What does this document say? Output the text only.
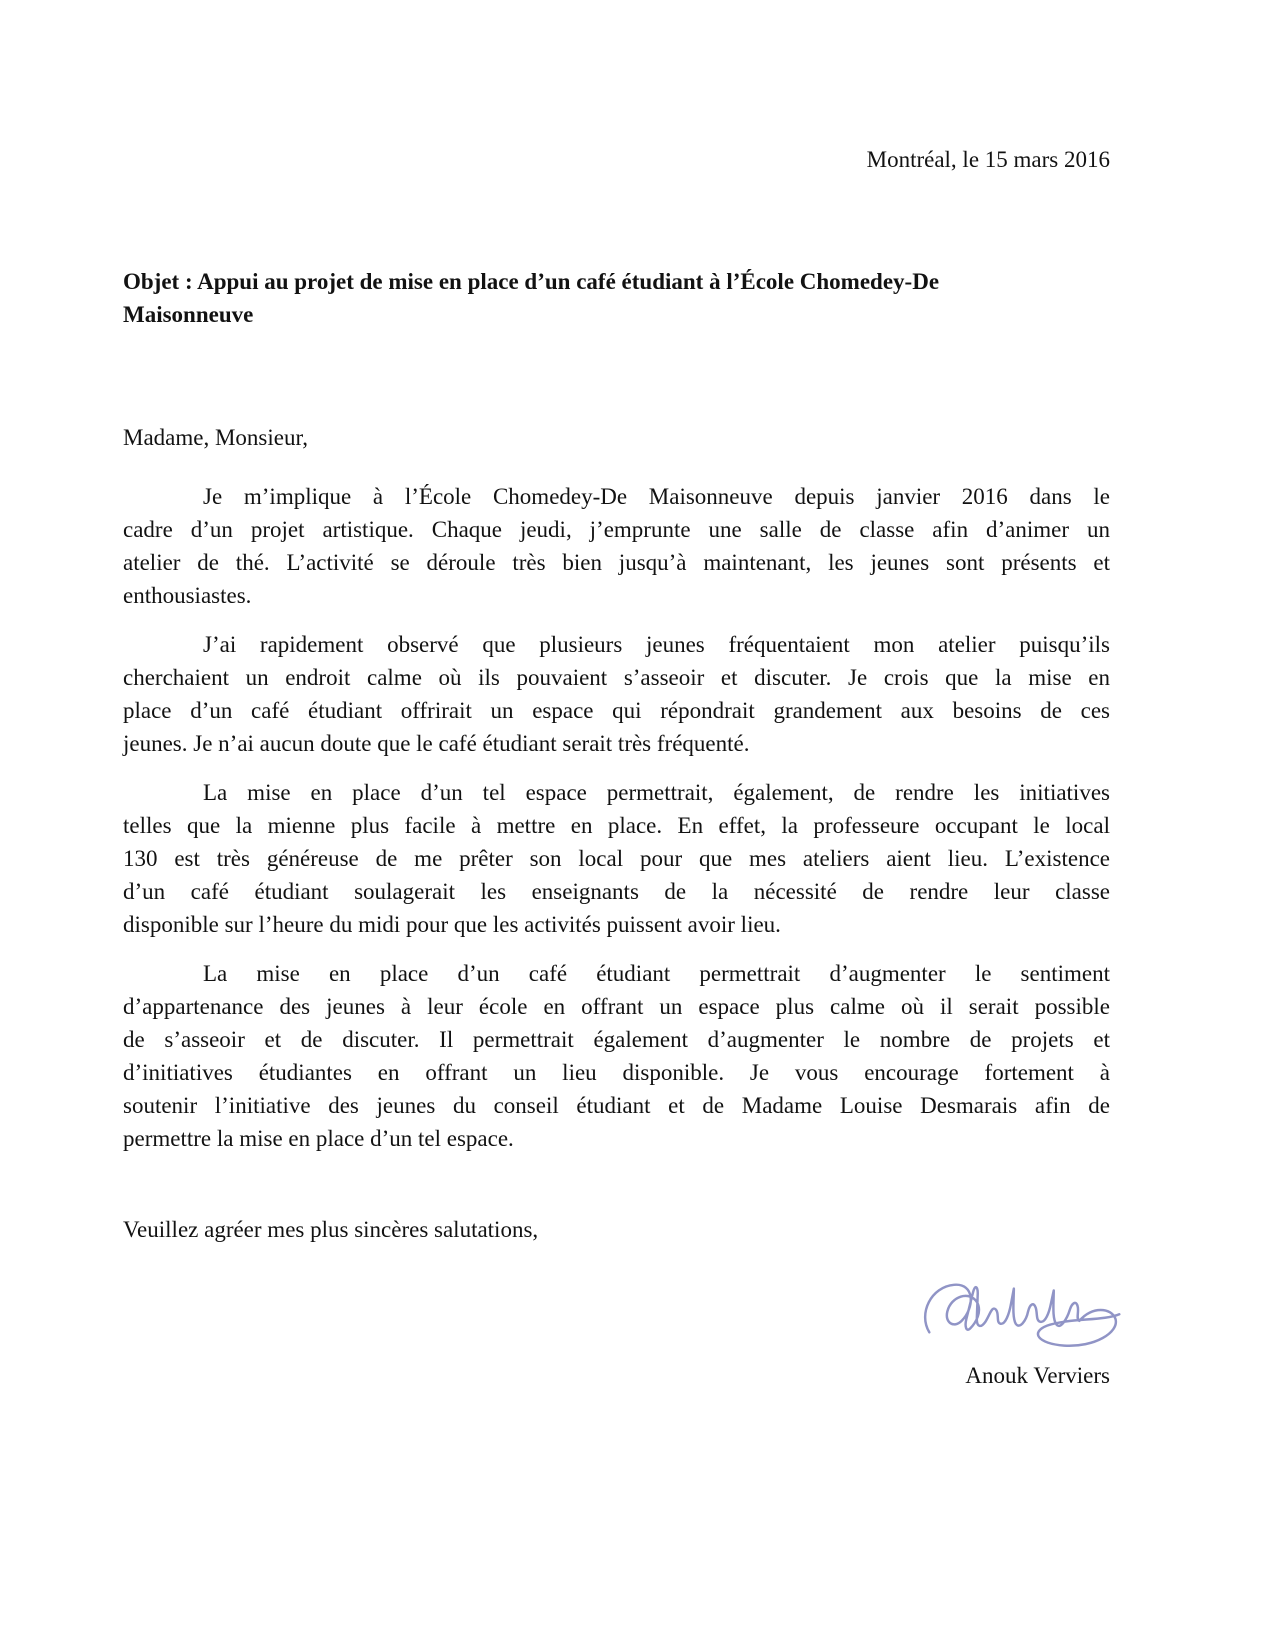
Montréal, le 15 mars 2016
Objet : Appui au projet de mise en place d’un café étudiant à l’École Chomedey-De
Maisonneuve
Madame, Monsieur,
Je m’implique à l’École Chomedey-De Maisonneuve depuis janvier 2016 dans le
cadre d’un projet artistique. Chaque jeudi, j’emprunte une salle de classe afin d’animer un
atelier de thé. L’activité se déroule très bien jusqu’à maintenant, les jeunes sont présents et
enthousiastes.
J’ai rapidement observé que plusieurs jeunes fréquentaient mon atelier puisqu’ils
cherchaient un endroit calme où ils pouvaient s’asseoir et discuter. Je crois que la mise en
place d’un café étudiant offrirait un espace qui répondrait grandement aux besoins de ces
jeunes. Je n’ai aucun doute que le café étudiant serait très fréquenté.
La mise en place d’un tel espace permettrait, également, de rendre les initiatives
telles que la mienne plus facile à mettre en place. En effet, la professeure occupant le local
130 est très généreuse de me prêter son local pour que mes ateliers aient lieu. L’existence
d’un café étudiant soulagerait les enseignants de la nécessité de rendre leur classe
disponible sur l’heure du midi pour que les activités puissent avoir lieu.
La mise en place d’un café étudiant permettrait d’augmenter le sentiment
d’appartenance des jeunes à leur école en offrant un espace plus calme où il serait possible
de s’asseoir et de discuter. Il permettrait également d’augmenter le nombre de projets et
d’initiatives étudiantes en offrant un lieu disponible. Je vous encourage fortement à
soutenir l’initiative des jeunes du conseil étudiant et de Madame Louise Desmarais afin de
permettre la mise en place d’un tel espace.
Veuillez agréer mes plus sincères salutations,
Anouk Verviers
